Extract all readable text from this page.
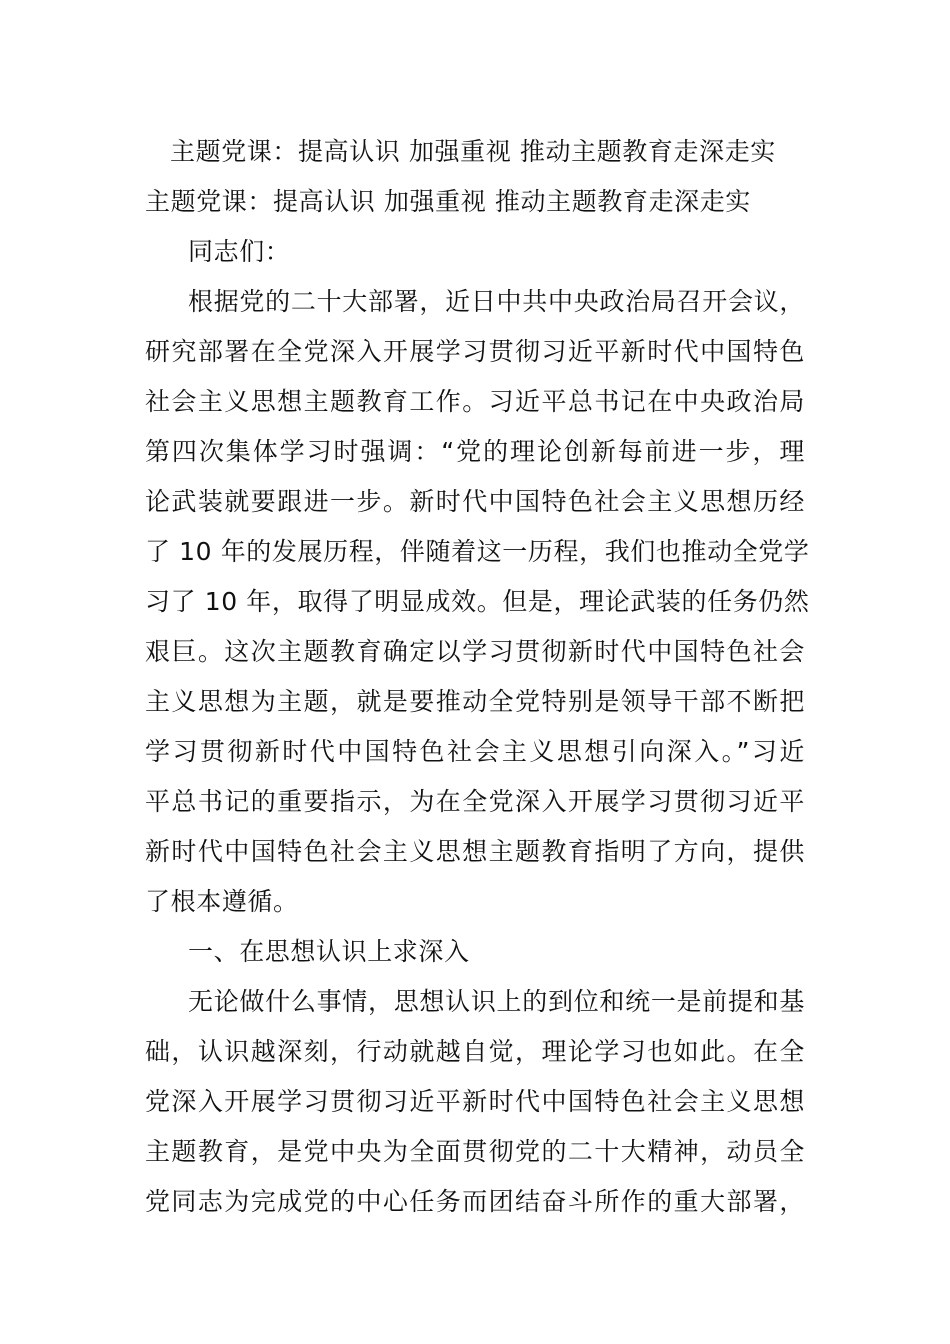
主题党课：提高认识 加强重视 推动主题教育走深走实
主题党课：提高认识 加强重视 推动主题教育走深走实
同志们：
根据党的二十大部署，近日中共中央政治局召开会议，
研究部署在全党深入开展学习贯彻习近平新时代中国特色
社会主义思想主题教育工作。习近平总书记在中央政治局
第四次集体学习时强调：“党的理论创新每前进一步，理
论武装就要跟进一步。新时代中国特色社会主义思想历经
了 10 年的发展历程，伴随着这一历程，我们也推动全党学
习了 10 年，取得了明显成效。但是，理论武装的任务仍然
艰巨。这次主题教育确定以学习贯彻新时代中国特色社会
主义思想为主题，就是要推动全党特别是领导干部不断把
学习贯彻新时代中国特色社会主义思想引向深入。”习近
平总书记的重要指示，为在全党深入开展学习贯彻习近平
新时代中国特色社会主义思想主题教育指明了方向，提供
了根本遵循。
一、在思想认识上求深入
无论做什么事情，思想认识上的到位和统一是前提和基
础，认识越深刻，行动就越自觉，理论学习也如此。在全
党深入开展学习贯彻习近平新时代中国特色社会主义思想
主题教育，是党中央为全面贯彻党的二十大精神，动员全
党同志为完成党的中心任务而团结奋斗所作的重大部署，
